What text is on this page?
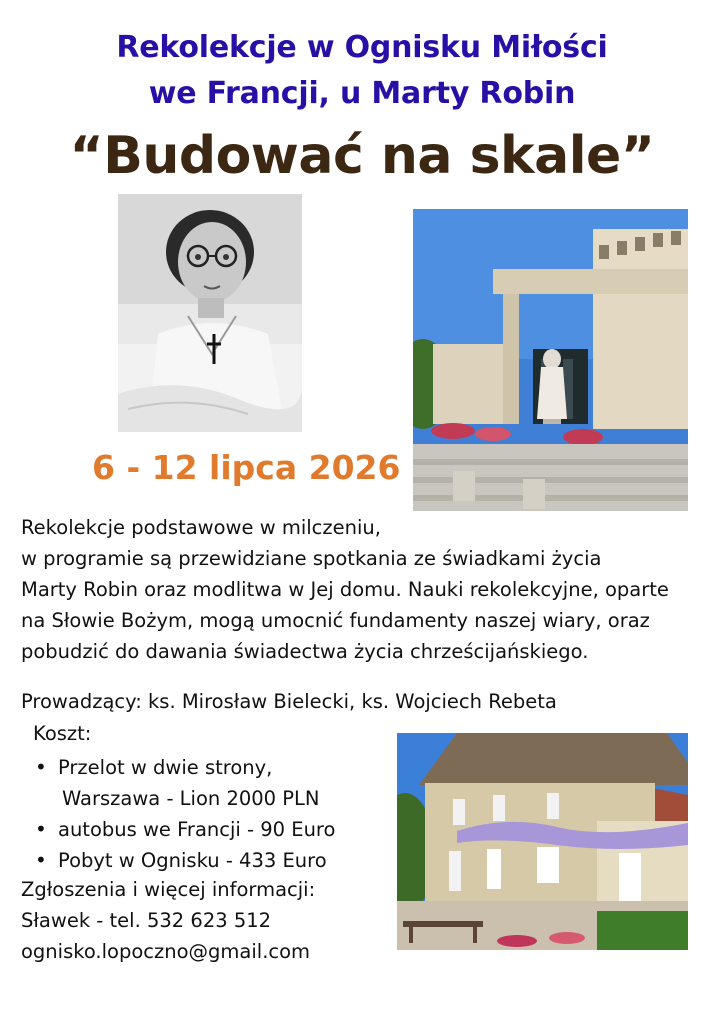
Rekolekcje w Ognisku Miłości
we Francji, u Marty Robin
“Budować na skale”
6 - 12 lipca 2026

Rekolekcje podstawowe w milczeniu,

w programie są przewidziane spotkania ze świadkami życia

Marty Robin oraz modlitwa w Jej domu. Nauki rekolekcyjne, oparte

na Słowie Bożym, mogą umocnić fundamenty naszej wiary, oraz

pobudzić do dawania świadectwa życia chrześcijańskiego.

Prowadzący: ks. Mirosław Bielecki, ks. Wojciech Rebeta
Koszt:
• Przelot w dwie strony,
Warszawa - Lion 2000 PLN
• autobus we Francji - 90 Euro
• Pobyt w Ognisku - 433 Euro
Zgłoszenia i więcej informacji:
Sławek - tel. 532 623 512
ognisko.lopoczno@gmail.com
